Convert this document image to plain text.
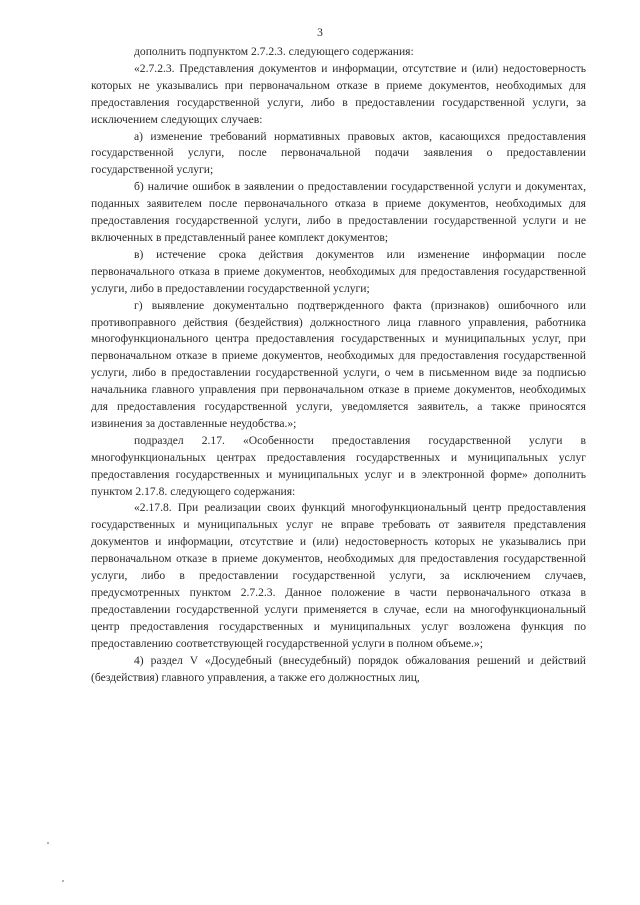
3

дополнить подпунктом 2.7.2.3. следующего содержания:

«2.7.2.3. Представления документов и информации, отсутствие и (или) недостоверность которых не указывались при первоначальном отказе в приеме документов, необходимых для предоставления государственной услуги, либо в предоставлении государственной услуги, за исключением следующих случаев:

а) изменение требований нормативных правовых актов, касающихся предоставления государственной услуги, после первоначальной подачи заявления о предоставлении государственной услуги;

б) наличие ошибок в заявлении о предоставлении государственной услуги и документах, поданных заявителем после первоначального отказа в приеме документов, необходимых для предоставления государственной услуги, либо в предоставлении государственной услуги и не включенных в представленный ранее комплект документов;

в) истечение срока действия документов или изменение информации после первоначального отказа в приеме документов, необходимых для предоставления государственной услуги, либо в предоставлении государственной услуги;

г) выявление документально подтвержденного факта (признаков) ошибочного или противоправного действия (бездействия) должностного лица главного управления, работника многофункционального центра предоставления государственных и муниципальных услуг, при первоначальном отказе в приеме документов, необходимых для предоставления государственной услуги, либо в предоставлении государственной услуги, о чем в письменном виде за подписью начальника главного управления при первоначальном отказе в приеме документов, необходимых для предоставления государственной услуги, уведомляется заявитель, а также приносятся извинения за доставленные неудобства.»;

подраздел 2.17. «Особенности предоставления государственной услуги в многофункциональных центрах предоставления государственных и муниципальных услуг предоставления государственных и муниципальных услуг и в электронной форме» дополнить пунктом 2.17.8. следующего содержания:

«2.17.8. При реализации своих функций многофункциональный центр предоставления государственных и муниципальных услуг не вправе требовать от заявителя представления документов и информации, отсутствие и (или) недостоверность которых не указывались при первоначальном отказе в приеме документов, необходимых для предоставления государственной услуги, либо в предоставлении государственной услуги, за исключением случаев, предусмотренных пунктом 2.7.2.3. Данное положение в части первоначального отказа в предоставлении государственной услуги применяется в случае, если на многофункциональный центр предоставления государственных и муниципальных услуг возложена функция по предоставлению соответствующей государственной услуги в полном объеме.»;

4) раздел V «Досудебный (внесудебный) порядок обжалования решений и действий (бездействия) главного управления, а также его должностных лиц,
